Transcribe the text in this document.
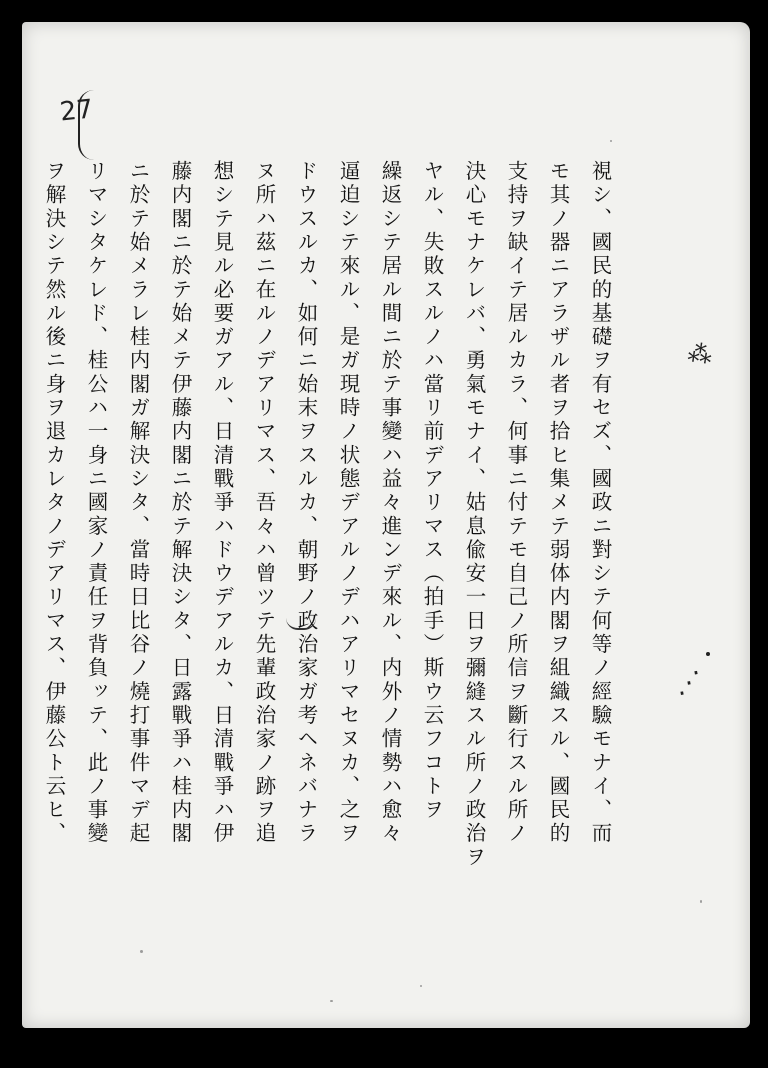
27
視シ、國民的基礎ヲ有セズ、國政ニ對シテ何等ノ經驗モナイ、而
モ其ノ器ニアラザル者ヲ拾ヒ集メテ弱体内閣ヲ組織スル、國民的
支持ヲ缺イテ居ルカラ、何事ニ付テモ自己ノ所信ヲ斷行スル所ノ
決心モナケレバ、勇氣モナイ、姑息偸安一日ヲ彌縫スル所ノ政治ヲ
ヤル、失敗スルノハ當リ前デアリマス（拍手）斯ウ云フコトヲ
繰返シテ居ル間ニ於テ事變ハ益々進ンデ來ル、内外ノ情勢ハ愈々
逼迫シテ來ル、是ガ現時ノ状態デアルノデハアリマセヌカ、之ヲ
ドウスルカ、如何ニ始末ヲスルカ、朝野ノ政治家ガ考ヘネバナラ
ヌ所ハ茲ニ在ルノデアリマス、吾々ハ曾ツテ先輩政治家ノ跡ヲ追
想シテ見ル必要ガアル、日清戰爭ハドウデアルカ、日清戰爭ハ伊
藤内閣ニ於テ始メテ伊藤内閣ニ於テ解決シタ、日露戰爭ハ桂内閣
ニ於テ始メラレ桂内閣ガ解決シタ、當時日比谷ノ燒打事件マデ起
リマシタケレド、桂公ハ一身ニ國家ノ責任ヲ背負ッテ、此ノ事變
ヲ解決シテ然ル後ニ身ヲ退カレタノデアリマス、伊藤公ト云ヒ、	⁂
⋰
